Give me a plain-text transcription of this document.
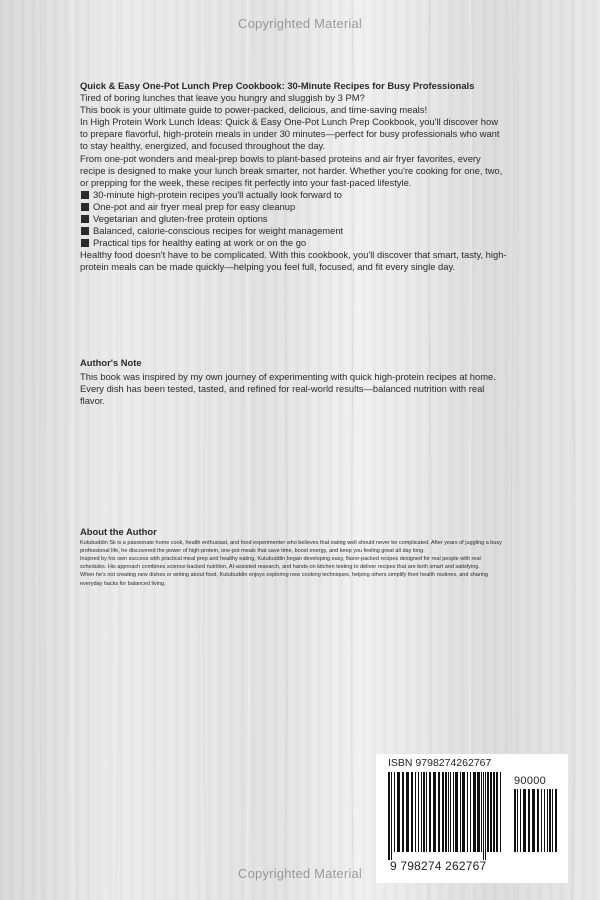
Copyrighted Material

Quick & Easy One-Pot Lunch Prep Cookbook: 30-Minute Recipes for Busy Professionals

Tired of boring lunches that leave you hungry and sluggish by 3 PM?

This book is your ultimate guide to power-packed, delicious, and time-saving meals!

In High Protein Work Lunch Ideas: Quick & Easy One-Pot Lunch Prep Cookbook, you'll discover how to prepare flavorful, high-protein meals in under 30 minutes—perfect for busy professionals who want to stay healthy, energized, and focused throughout the day.

From one-pot wonders and meal-prep bowls to plant-based proteins and air fryer favorites, every recipe is designed to make your lunch break smarter, not harder. Whether you're cooking for one, two, or prepping for the week, these recipes fit perfectly into your fast-paced lifestyle.

30-minute high-protein recipes you'll actually look forward to
One-pot and air fryer meal prep for easy cleanup
Vegetarian and gluten-free protein options
Balanced, calorie-conscious recipes for weight management
Practical tips for healthy eating at work or on the go

Healthy food doesn't have to be complicated. With this cookbook, you'll discover that smart, tasty, high-protein meals can be made quickly—helping you feel full, focused, and fit every single day.

Author's Note

This book was inspired by my own journey of experimenting with quick high-protein recipes at home. Every dish has been tested, tasted, and refined for real-world results—balanced nutrition with real flavor.

About the Author

Kutubuddin Sk is a passionate home cook, health enthusiast, and food experimenter who believes that eating well should never be complicated. After years of juggling a busy professional life, he discovered the power of high-protein, one-pot meals that save time, boost energy, and keep you feeling great all day long.

Inspired by his own success with practical meal prep and healthy eating, Kutubuddin began developing easy, flavor-packed recipes designed for real people with real schedules. His approach combines science-backed nutrition, AI-assisted research, and hands-on kitchen testing to deliver recipes that are both smart and satisfying.

When he's not creating new dishes or writing about food, Kutubuddin enjoys exploring new cooking techniques, helping others simplify their health routines, and sharing everyday hacks for balanced living.

ISBN 9798274262767
90000
9 798274 262767
Copyrighted Material
